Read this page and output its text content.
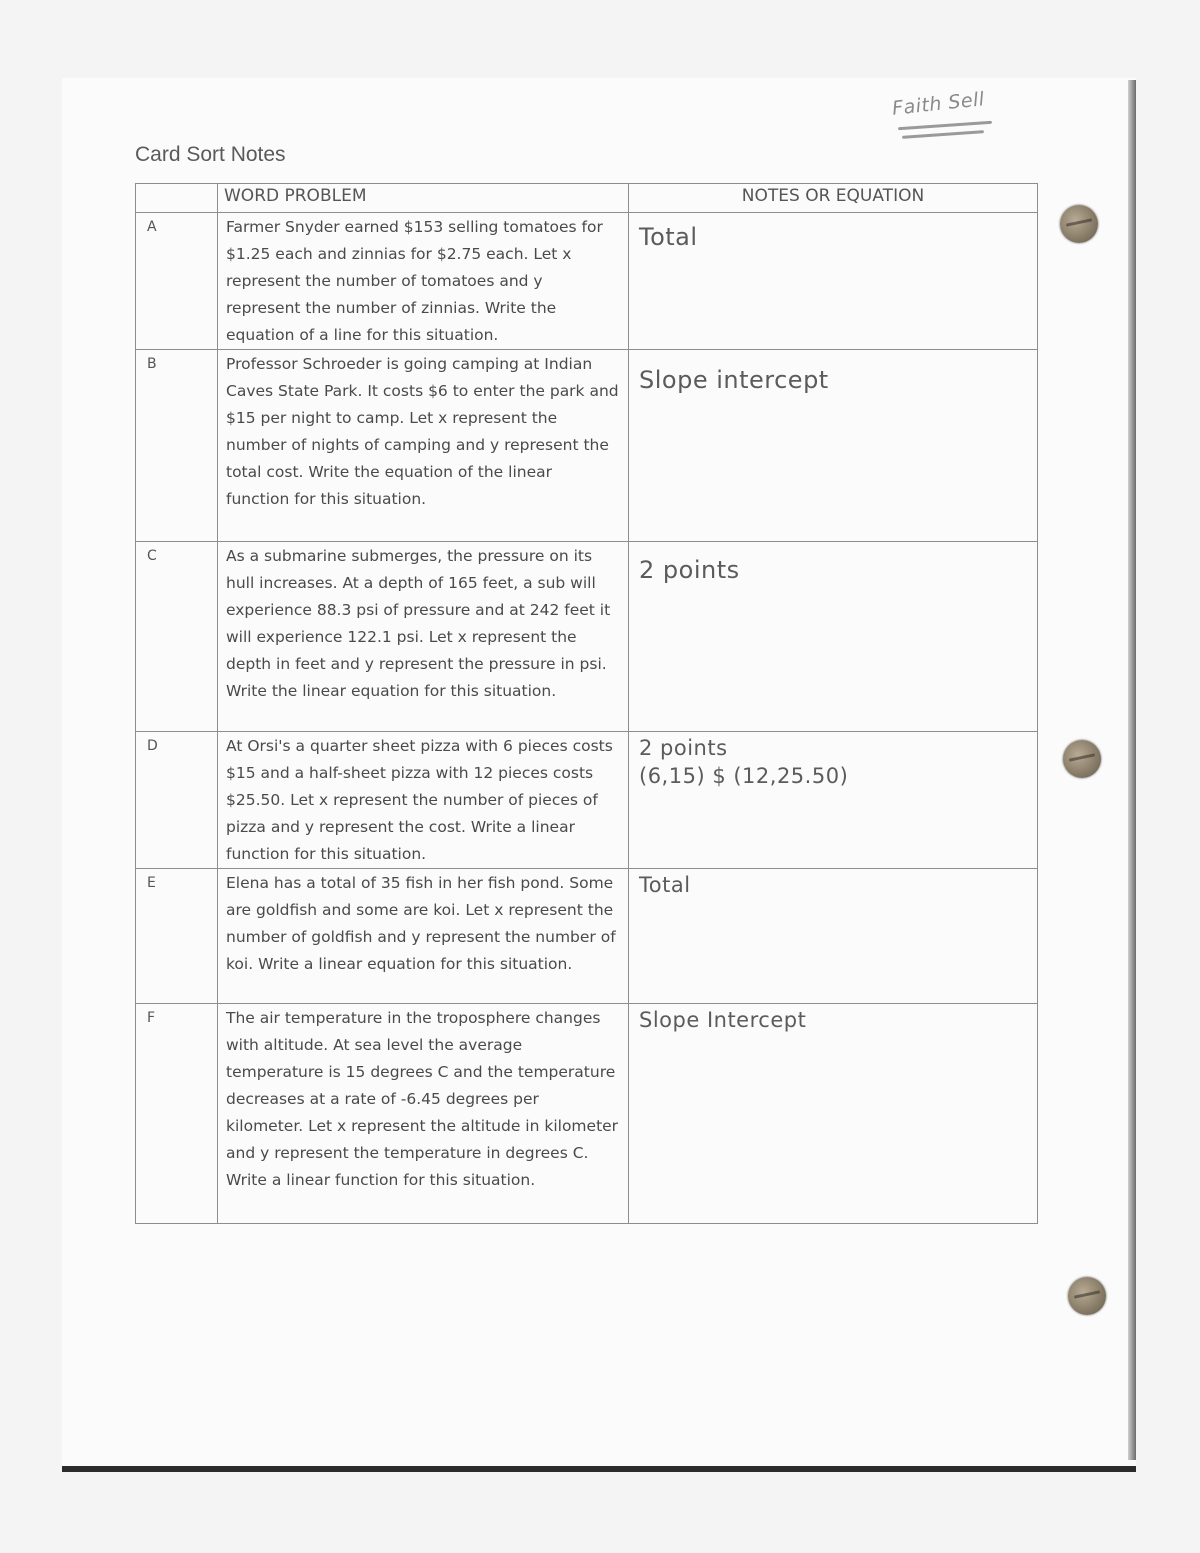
Faith Sell
Card Sort Notes
	WORD PROBLEM	NOTES OR EQUATION
A	Farmer Snyder earned $153 selling tomatoes for $1.25 each and zinnias for $2.75 each. Let x represent the number of tomatoes and y represent the number of zinnias. Write the equation of a line for this situation.	Total

B	Professor Schroeder is going camping at Indian Caves State Park. It costs $6 to enter the park and $15 per night to camp. Let x represent the number of nights of camping and y represent the total cost. Write the equation of the linear function for this situation.	Slope intercept

C	As a submarine submerges, the pressure on its hull increases. At a depth of 165 feet, a sub will experience 88.3 psi of pressure and at 242 feet it will experience 122.1 psi. Let x represent the depth in feet and y represent the pressure in psi. Write the linear equation for this situation.	2 points

D	At Orsi's a quarter sheet pizza with 6 pieces costs $15 and a half-sheet pizza with 12 pieces costs $25.50. Let x represent the number of pieces of pizza and y represent the cost. Write a linear function for this situation.	2 points
(6,15) $ (12,25.50)

E	Elena has a total of 35 fish in her fish pond. Some are goldfish and some are koi. Let x represent the number of goldfish and y represent the number of koi. Write a linear equation for this situation.	Total

F	The air temperature in the troposphere changes with altitude. At sea level the average temperature is 15 degrees C and the temperature decreases at a rate of -6.45 degrees per kilometer. Let x represent the altitude in kilometer and y represent the temperature in degrees C. Write a linear function for this situation.	Slope Intercept
